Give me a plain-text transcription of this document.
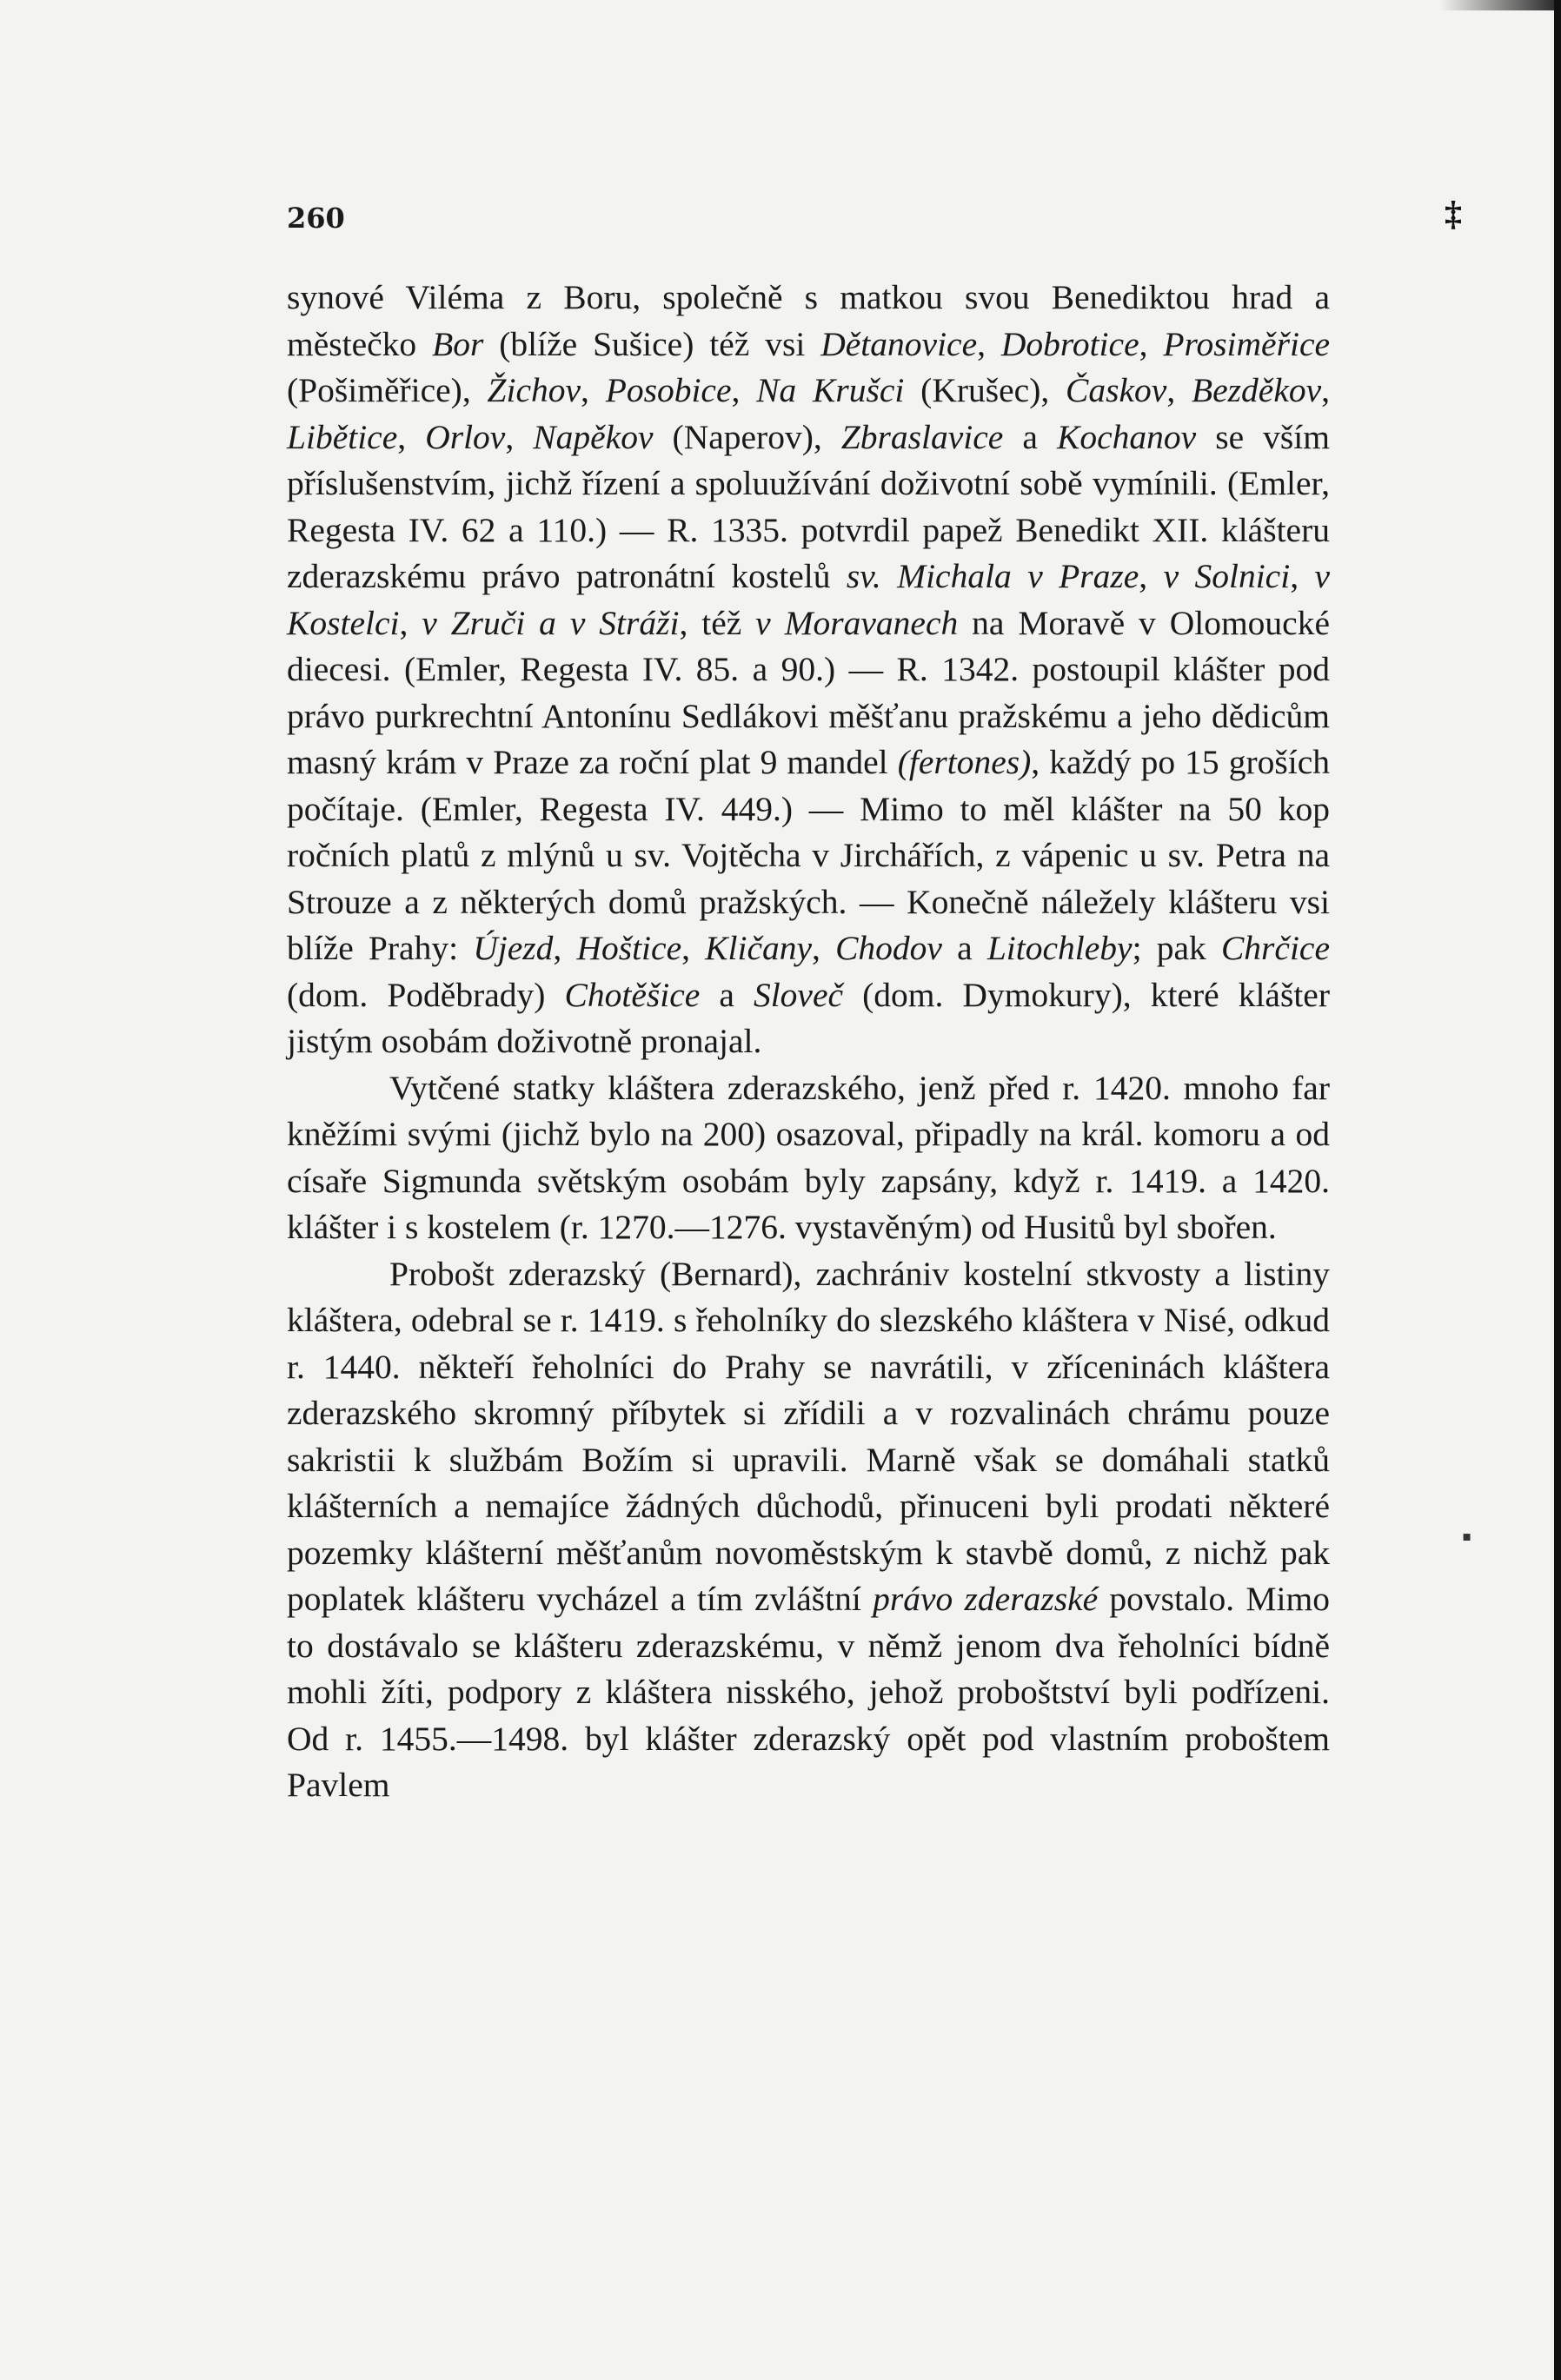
260	‡
▪

synové Viléma z Boru, společně s matkou svou Benediktou hrad a městečko Bor (blíže Sušice) též vsi Dětanovice, Dobrotice, Prosiměřice (Pošiměřice), Žichov, Posobice, Na Krušci (Krušec), Časkov, Bezděkov, Libětice, Orlov, Napěkov (Naperov), Zbraslavice a Kochanov se vším příslušenstvím, jichž řízení a spoluužívání doživotní sobě vymínili. (Emler, Regesta IV. 62 a 110.) — R. 1335. potvrdil papež Benedikt XII. klášteru zderazskému právo patronátní kostelů sv. Michala v Praze, v Solnici, v Kostelci, v Zruči a v Stráži, též v Moravanech na Moravě v Olomoucké diecesi. (Emler, Regesta IV. 85. a 90.) — R. 1342. postoupil klášter pod právo purkrechtní Antonínu Sedlákovi měšťanu pražskému a jeho dědicům masný krám v Praze za roční plat 9 mandel (fertones), každý po 15 groších počítaje. (Emler, Regesta IV. 449.) — Mimo to měl klášter na 50 kop ročních platů z mlýnů u sv. Vojtěcha v Jirchářích, z vápenic u sv. Petra na Strouze a z některých domů pražských. — Konečně náležely klášteru vsi blíže Prahy: Újezd, Hoštice, Kličany, Chodov a Litochleby; pak Chrčice (dom. Poděbrady) Chotěšice a Sloveč (dom. Dymokury), které klášter jistým osobám doživotně pronajal.

Vytčené statky kláštera zderazského, jenž před r. 1420. mnoho far kněžími svými (jichž bylo na 200) osazoval, připadly na král. komoru a od císaře Sigmunda světským osobám byly zapsány, když r. 1419. a 1420. klášter i s kostelem (r. 1270.—1276. vystavěným) od Husitů byl sbořen.

Probošt zderazský (Bernard), zachrániv kostelní stkvosty a listiny kláštera, odebral se r. 1419. s řeholníky do slezského kláštera v Nisé, odkud r. 1440. někteří řeholníci do Prahy se navrátili, v zříceninách kláštera zderazského skromný příbytek si zřídili a v rozvalinách chrámu pouze sakristii k službám Božím si upravili. Marně však se domáhali statků klášterních a nemajíce žádných důchodů, přinuceni byli prodati některé pozemky klášterní měšťanům novoměstským k stavbě domů, z nichž pak poplatek klášteru vycházel a tím zvláštní právo zderazské povstalo. Mimo to dostávalo se klášteru zderazskému, v němž jenom dva řeholníci bídně mohli žíti, podpory z kláštera nisského, jehož proboštství byli podřízeni. Od r. 1455.—1498. byl klášter zderazský opět pod vlastním proboštem Pavlem
